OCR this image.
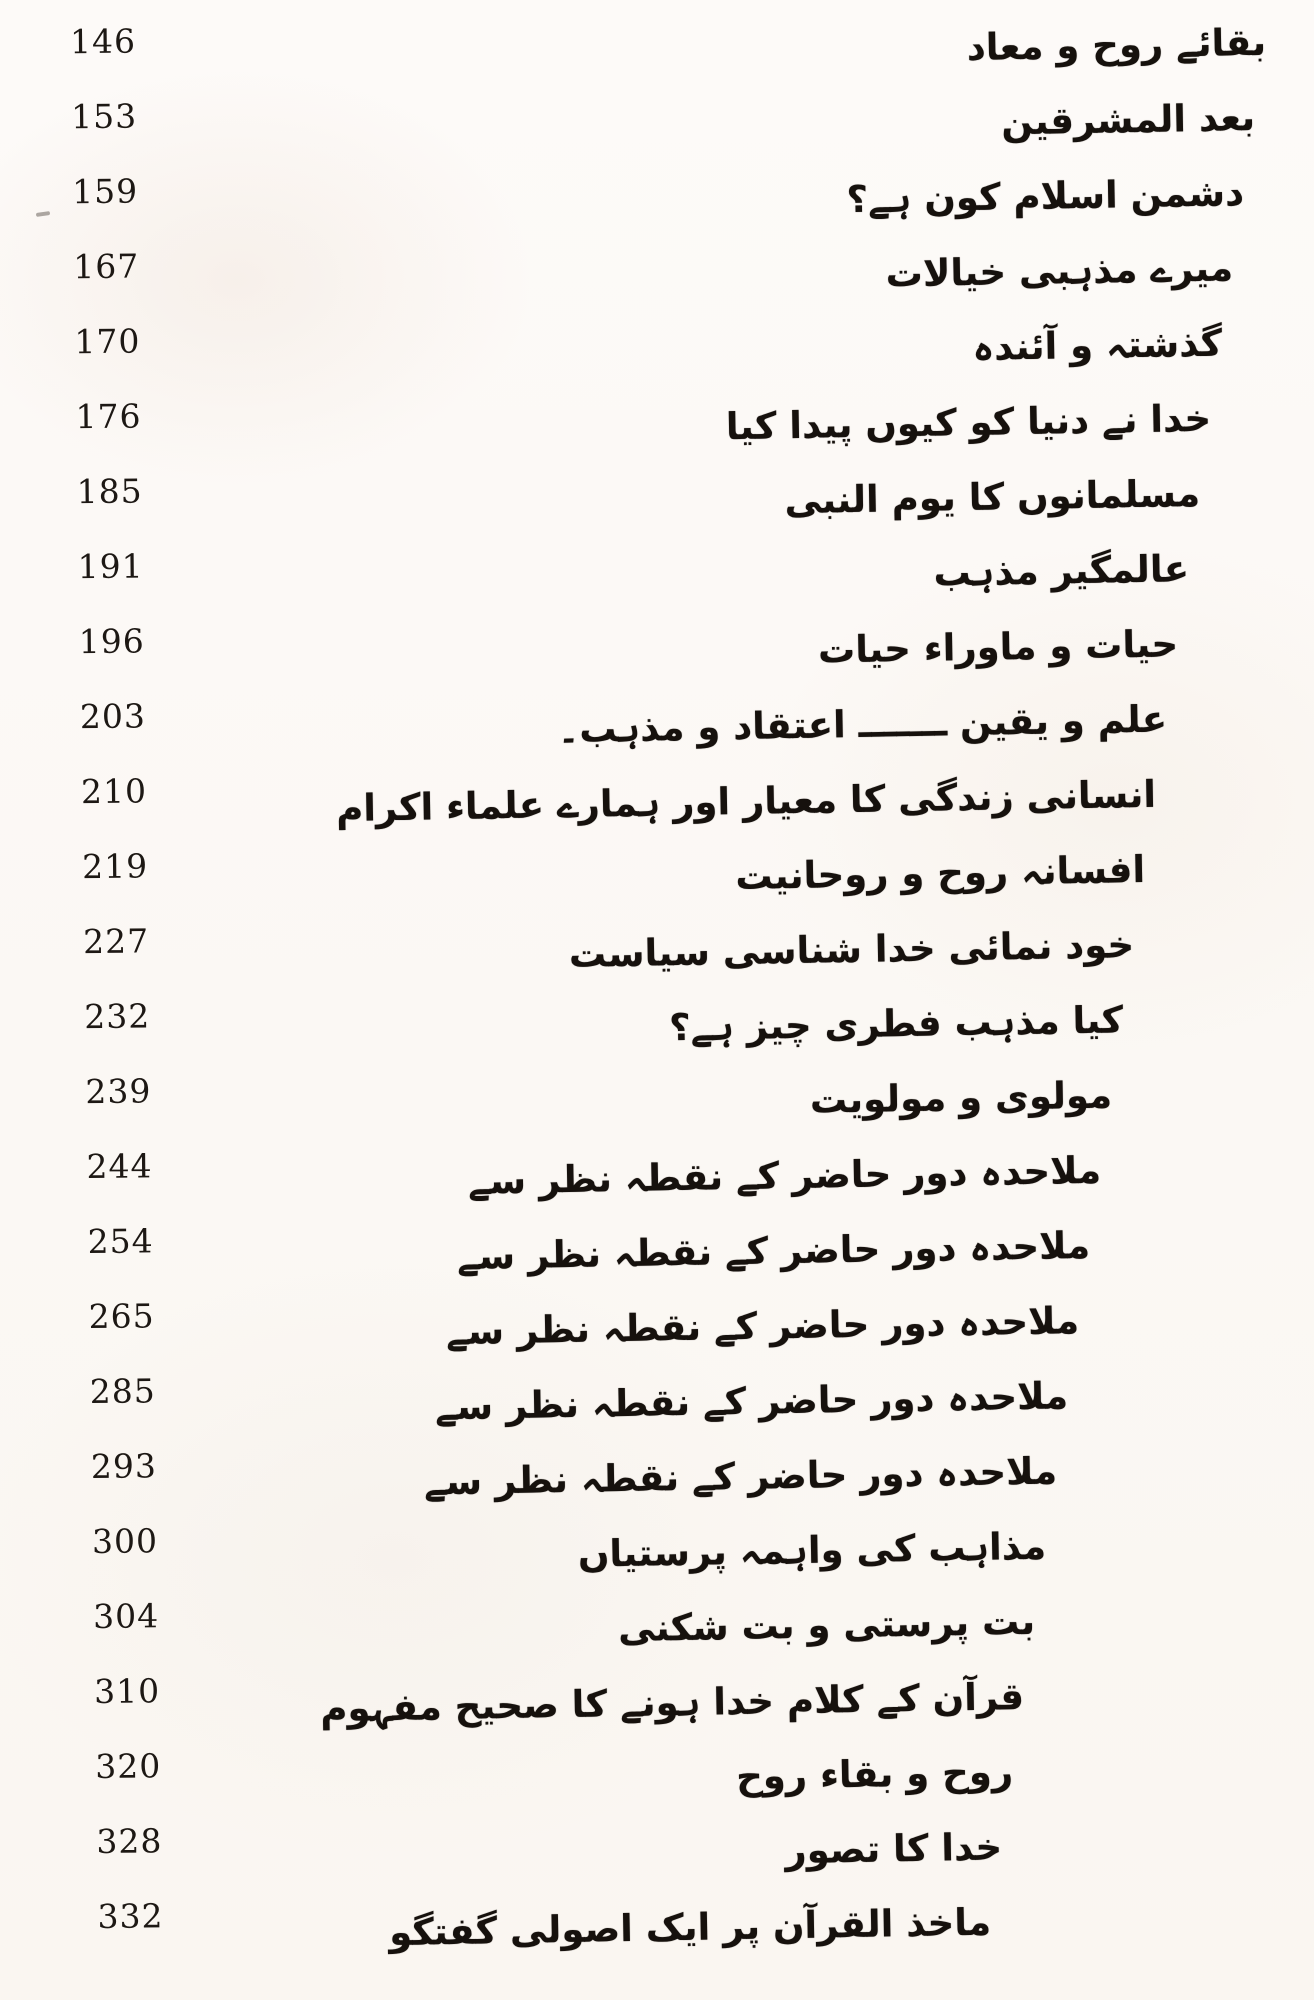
146	بقائے روح و معاد
153	بعد المشرقین
159	دشمن اسلام کون ہے؟
167	میرے مذہبی خیالات
170	گذشتہ و آئندہ
176	خدا نے دنیا کو کیوں پیدا کیا
185	مسلمانوں کا یوم النبی
191	عالمگیر مذہب
196	حیات و ماوراء حیات
203	علم و یقین ـــــــ اعتقاد و مذہب۔
210	انسانی زندگی کا معیار اور ہمارے علماء اکرام
219	افسانہ روح و روحانیت
227	خود نمائی خدا شناسی سیاست
232	کیا مذہب فطری چیز ہے؟
239	مولوی و مولویت
244	ملاحدہ دور حاضر کے نقطہ نظر سے
254	ملاحدہ دور حاضر کے نقطہ نظر سے
265	ملاحدہ دور حاضر کے نقطہ نظر سے
285	ملاحدہ دور حاضر کے نقطہ نظر سے
293	ملاحدہ دور حاضر کے نقطہ نظر سے
300	مذاہب کی واہمہ پرستیاں
304	بت پرستی و بت شکنی
310	قرآن کے کلام خدا ہونے کا صحیح مفہوم
320	روح و بقاء روح
328	خدا کا تصور
332	ماخذ القرآن پر ایک اصولی گفتگو
